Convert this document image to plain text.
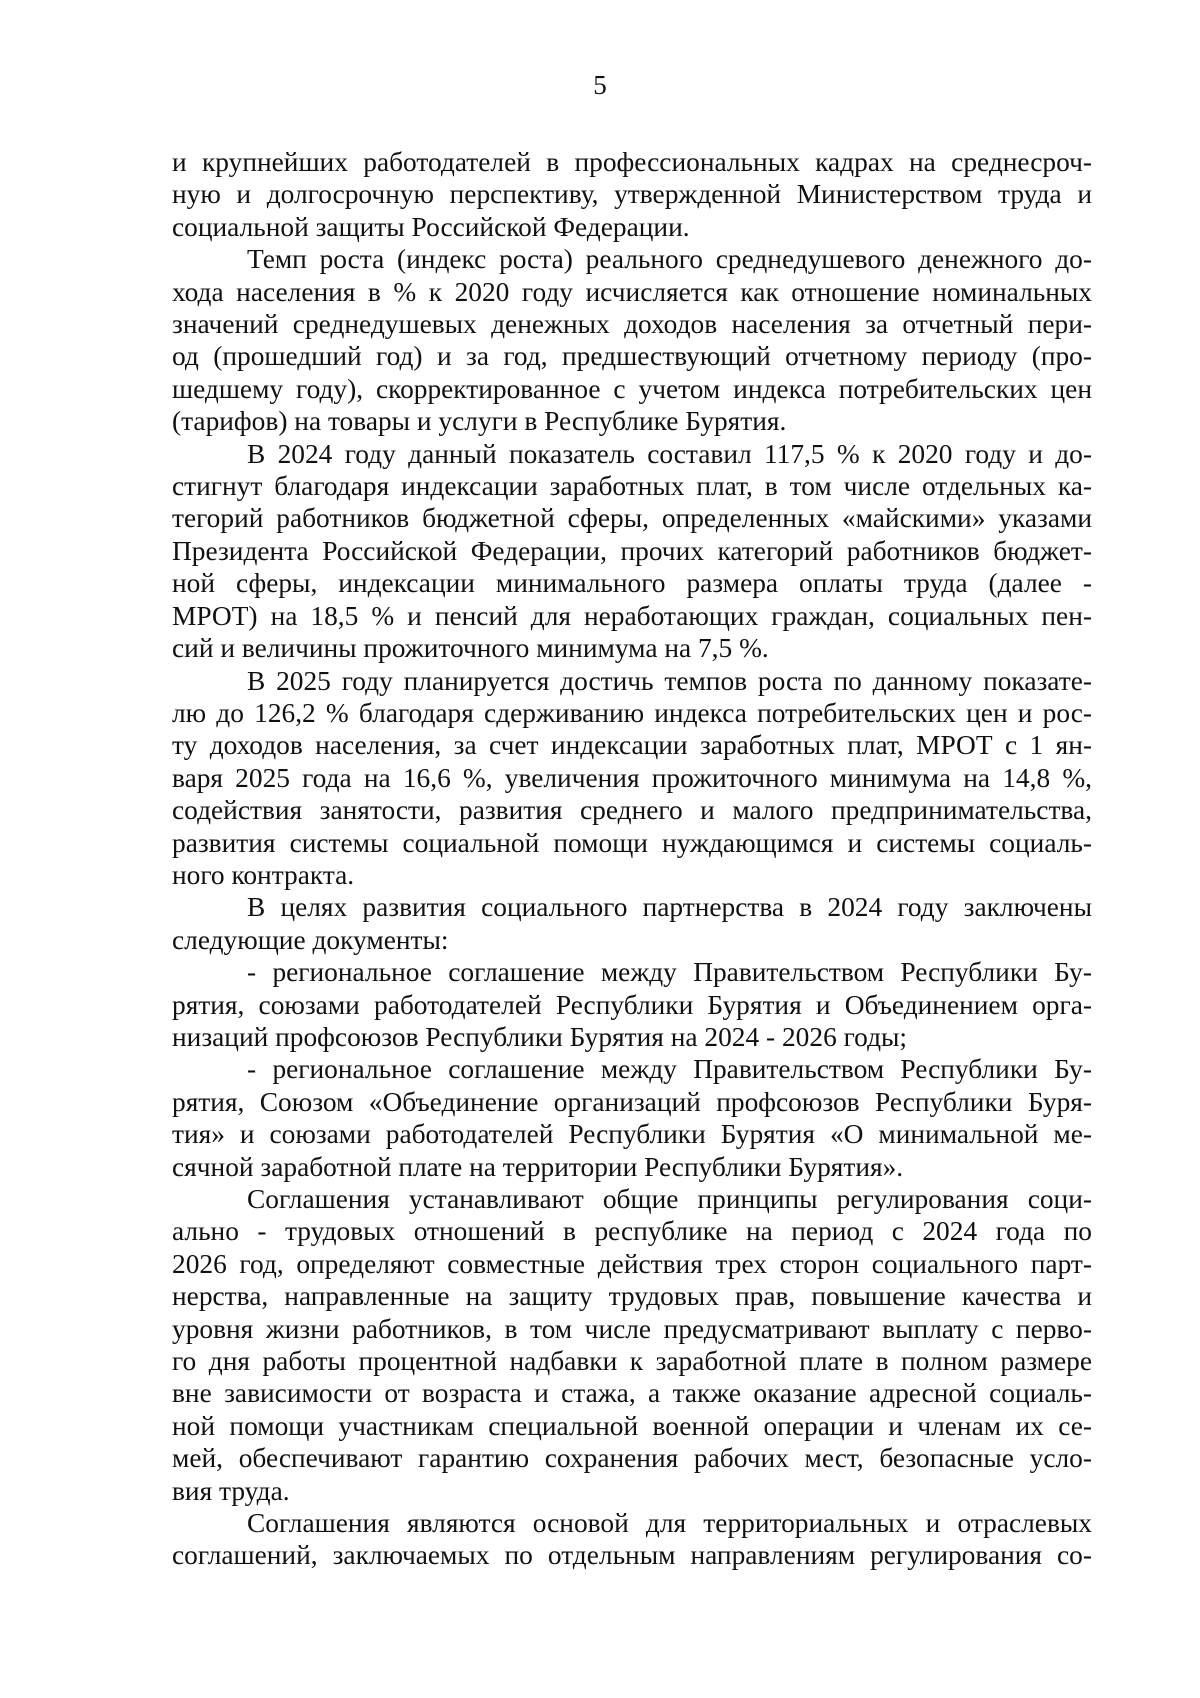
5
и крупнейших работодателей в профессиональных кадрах на среднесроч-
ную и долгосрочную перспективу, утвержденной Министерством труда и
социальной защиты Российской Федерации.
Темп роста (индекс роста) реального среднедушевого денежного до-
хода населения в % к 2020 году исчисляется как отношение номинальных
значений среднедушевых денежных доходов населения за отчетный пери-
од (прошедший год) и за год, предшествующий отчетному периоду (про-
шедшему году), скорректированное с учетом индекса потребительских цен
(тарифов) на товары и услуги в Республике Бурятия.
В 2024 году данный показатель составил 117,5 % к 2020 году и до-
стигнут благодаря индексации заработных плат, в том числе отдельных ка-
тегорий работников бюджетной сферы, определенных «майскими» указами
Президента Российской Федерации, прочих категорий работников бюджет-
ной сферы, индексации минимального размера оплаты труда (далее -
МРОТ) на 18,5 % и пенсий для неработающих граждан, социальных пен-
сий и величины прожиточного минимума на 7,5 %.
В 2025 году планируется достичь темпов роста по данному показате-
лю до 126,2 % благодаря сдерживанию индекса потребительских цен и рос-
ту доходов населения, за счет индексации заработных плат, МРОТ с 1 ян-
варя 2025 года на 16,6 %, увеличения прожиточного минимума на 14,8 %,
содействия занятости, развития среднего и малого предпринимательства,
развития системы социальной помощи нуждающимся и системы социаль-
ного контракта.
В целях развития социального партнерства в 2024 году заключены
следующие документы:
- региональное соглашение между Правительством Республики Бу-
рятия, союзами работодателей Республики Бурятия и Объединением орга-
низаций профсоюзов Республики Бурятия на 2024 - 2026 годы;
- региональное соглашение между Правительством Республики Бу-
рятия, Союзом «Объединение организаций профсоюзов Республики Буря-
тия» и союзами работодателей Республики Бурятия «О минимальной ме-
сячной заработной плате на территории Республики Бурятия».
Соглашения устанавливают общие принципы регулирования соци-
ально - трудовых отношений в республике на период с 2024 года по
2026 год, определяют совместные действия трех сторон социального парт-
нерства, направленные на защиту трудовых прав, повышение качества и
уровня жизни работников, в том числе предусматривают выплату с перво-
го дня работы процентной надбавки к заработной плате в полном размере
вне зависимости от возраста и стажа, а также оказание адресной социаль-
ной помощи участникам специальной военной операции и членам их се-
мей, обеспечивают гарантию сохранения рабочих мест, безопасные усло-
вия труда.
Соглашения являются основой для территориальных и отраслевых
соглашений, заключаемых по отдельным направлениям регулирования со-
